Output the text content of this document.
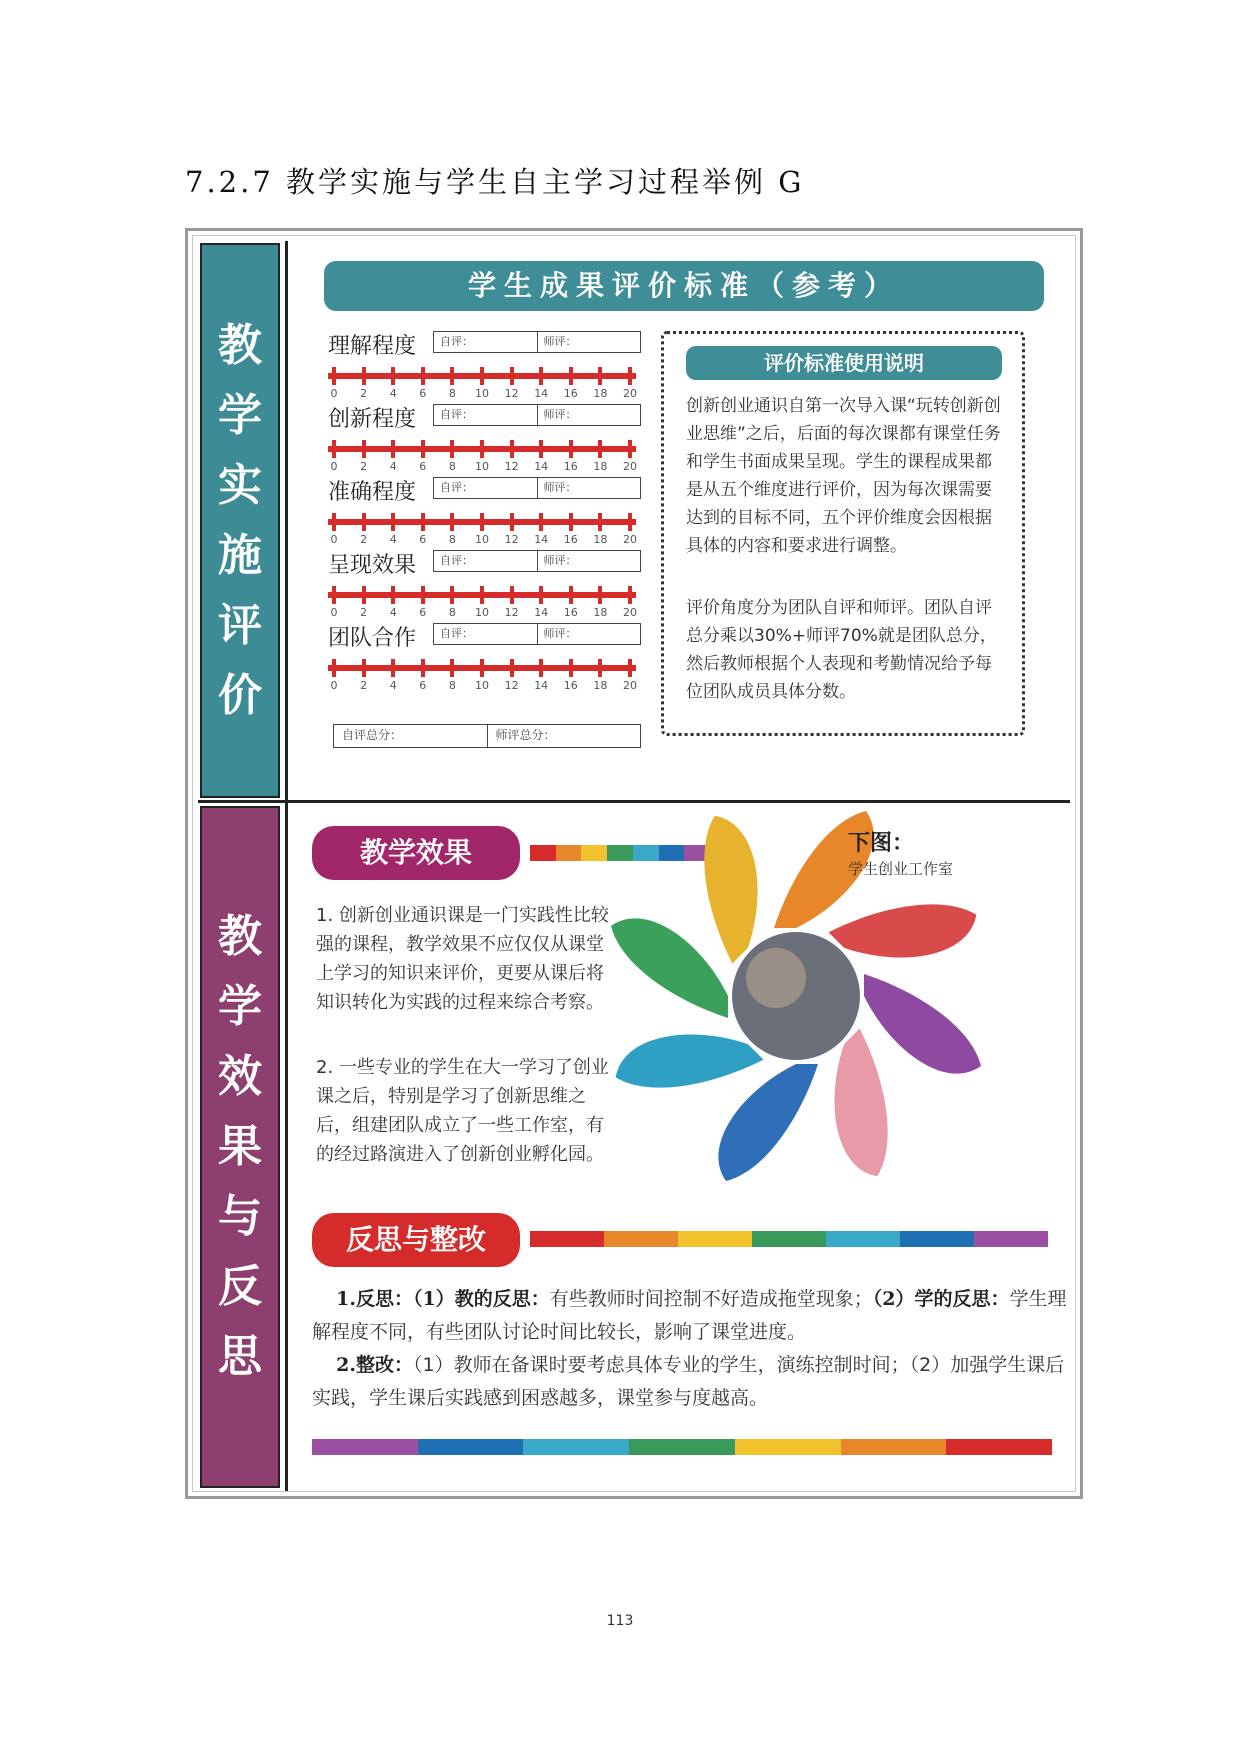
7.2.7 教学实施与学生自主学习过程举例 G
教
学
实
施
评
价
教
学
效
果
与
反
思
学生成果评价标准（参考）
理解程度	自评：	师评：
0 2 4 6 8 10 12 14 16 18 20
创新程度	自评：	师评：
0 2 4 6 8 10 12 14 16 18 20
准确程度	自评：	师评：
0 2 4 6 8 10 12 14 16 18 20
呈现效果	自评：	师评：
0 2 4 6 8 10 12 14 16 18 20
团队合作	自评：	师评：
0 2 4 6 8 10 12 14 16 18 20
自评总分：	师评总分：
评价标准使用说明
创新创业通识自第一次导入课“玩转创新创业思维”之后，后面的每次课都有课堂任务和学生书面成果呈现。学生的课程成果都是从五个维度进行评价，因为每次课需要达到的目标不同，五个评价维度会因根据具体的内容和要求进行调整。
评价角度分为团队自评和师评。团队自评总分乘以30%+师评70%就是团队总分，然后教师根据个人表现和考勤情况给予每位团队成员具体分数。
教学效果
1. 创新创业通识课是一门实践性比较强的课程，教学效果不应仅仅从课堂上学习的知识来评价，更要从课后将知识转化为实践的过程来综合考察。
2. 一些专业的学生在大一学习了创业课之后，特别是学习了创新思维之后，组建团队成立了一些工作室，有的经过路演进入了创新创业孵化园。
下图：
学生创业工作室
反思与整改

1.反思：（1）教的反思：有些教师时间控制不好造成拖堂现象；（2）学的反思：学生理解程度不同，有些团队讨论时间比较长，影响了课堂进度。

2.整改：（1）教师在备课时要考虑具体专业的学生，演练控制时间；（2）加强学生课后实践，学生课后实践感到困惑越多，课堂参与度越高。

113
